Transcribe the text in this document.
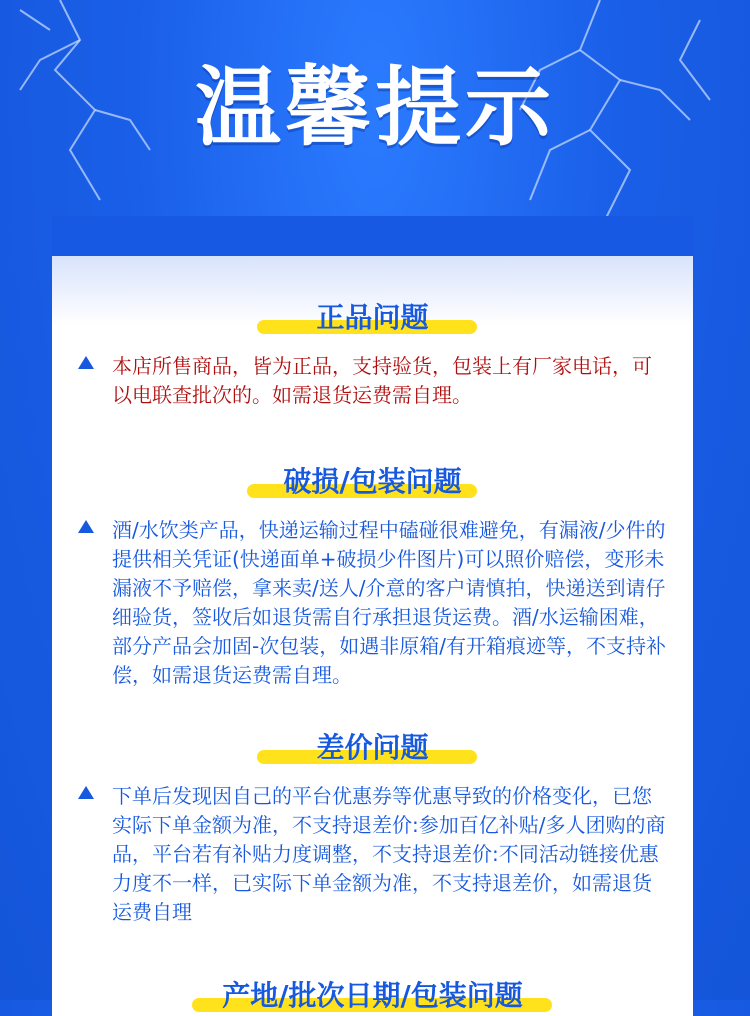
温馨提示
正品问题
本店所售商品，皆为正品，支持验货，包装上有厂家电话，可以电联查批次的。如需退货运费需自理。
破损/包装问题
酒/水饮类产品，快递运输过程中磕碰很难避免，有漏液/少件的提供相关凭证(快递面单+破损少件图片)可以照价赔偿，变形未漏液不予赔偿，拿来卖/送人/介意的客户请慎拍，快递送到请仔细验货，签收后如退货需自行承担退货运费。酒/水运输困难，部分产品会加固-次包装，如遇非原箱/有开箱痕迹等，不支持补偿，如需退货运费需自理。
差价问题
下单后发现因自己的平台优惠券等优惠导致的价格变化，已您实际下单金额为准，不支持退差价:参加百亿补贴/多人团购的商品，平台若有补贴力度调整，不支持退差价:不同活动链接优惠力度不一样，已实际下单金额为准，不支持退差价，如需退货运费自理
产地/批次日期/包装问题
